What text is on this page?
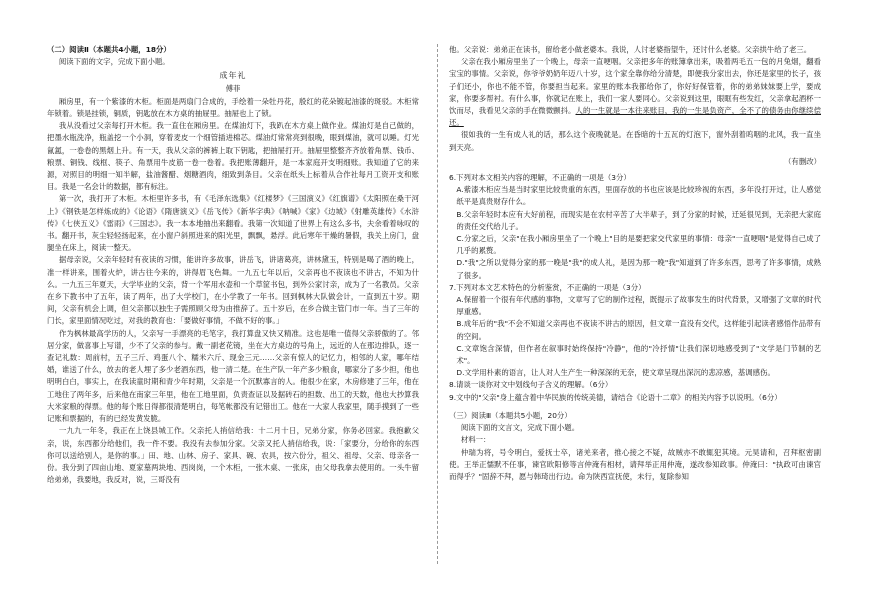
（二）阅读Ⅱ（本题共4小题，18分）

阅读下面的文字，完成下面小题。

成年礼

傅菲

厢房里，有一个紫漆的木柜。柜面是两扇门合成的，手绘着一朵牡丹花，殷红的花朵镀起油漆的斑驳。木柜常年锁着。锁是挂锁，铜质，钥匙放在木方桌的抽屉里。抽屉也上了锁。

我从没看过父亲每打开木柜。我一直住在厢房里。在煤油灯下，我趴在木方桌上做作业。煤油灯是自己做的，把墨水瓶洗净，瓶盖挖一个小洞，穿着麦皮一个细管插进棉芯。煤油灯常常亮到很晚，眼到煤油，就可以睡。灯光氤氲，一卷卷的黑烟上升。有一天，我从父亲的裤裤上取下钥匙，把抽屉打开。抽屉里整整齐齐放着角票、钱币、粮票、铜钱、线框、筷子、角票用牛皮筋一卷一卷着。我把账薄翻开，是一本家庭开支明细账。我知道了它的来源，对照目的明细一知半解，盐油酱醋、烟糖酒肉，细致到条目。父亲在纸头上标着从合作社每月工资开支和账目。我是一名会计的数据，都有标注。

第一次，我打开了木柜。木柜里许多书，有《毛泽东选集》《红楼梦》《三国演义》《红旗谱》《太阳照在桑干河上》《钢铁是怎样炼成的》《论语》《隋唐演义》《岳飞传》《新华字典》《呐喊》《家》《边城》《射雕英雄传》《水浒传》《七侠五义》《雷雨》《三国志》。我一本本地抽出来翻看。我第一次知道了世界上有这么多书，夫余看着咏叹的书。翻开书，灰尘轻轻扬起来，在小窗户斜照进来的阳光里，飘飘，悬浮。此后寒年干燥的暑假，我关上房门，盘腿坐在床上，阅读一整天。

据母亲说，父亲年轻时有夜读的习惯，能讲许多故事，讲岳飞，讲诸葛亮，讲林黛玉，特别是喝了酒的晚上，准一样讲来，围着火炉，讲古往今来的，讲得眉飞色舞。一九五七年以后，父亲再也不夜读也不讲古，不知为什么。一九五三年夏天，大学毕业的父亲，背一个军用水壶和一个草筐书包，到外公家讨亲，成为了一名教员。父亲在乡下教书中了五年，读了两年，出了大学校门，在小学教了一年书。回到枫林大队做会计，一直到五十岁。期间，父亲有机会上调，但父亲都以独生子需照顾父母为由推辞了。五十岁后，在乡合做主管门市一年。当了三年的门长，家里面情况吃过，对我的教育也：「要做好事情，不做不好的事。」

作为枫林最高学历的人，父亲写一手漂亮的毛笔字，我打算盘又快又精准。这也是唯一值得父亲骄傲的了。邻居分家，做喜事上写谱，少不了父亲的参与。戴一副老花镜，坐在大方桌边的号角上，远近的人在那边排队，逐一查记礼数：周前村，五子三斤、鸡蛋八个、糯米六斤、现金三元……父亲有惊人的记忆力，相邻的人家，哪年结婚，谁送了什么，放去的老人埋了多少老酒东西，他一清二楚。在生产队一年产多少粮食，哪家分了多少担，他也明明白白，事实上，在我读童时期和青少年时期，父亲是一个沉默寡言的人。他很少在家，木房修建了三年，他在工地住了两年多，后来他在南家三年里，他在工地里面，负责查证以及据砖石的担数、出工的天数，他也大抄算我大米家粮的得票。他的每个账日得都很清楚明白，每笔帐都没有记错出工。他在一大家人我家里，随手摸到了一些记账和票据的，有的已经发黄发脆。

一九九一年冬，我正在上饶县城工作。父亲托人捎信给我：十二月十日，兄弟分家，你务必回家。我抱歉父亲，说，东西都分给他们，我一件不要。我没有去参加分家。父亲又托人捎信给我，说：「家要分，分给你的东西你可以送给别人，是你的事。」田、地、山林、房子、家具、碗、农具，按六份分，祖父、祖母、父亲、母亲各一份。我分到了四亩山地、夏家墓两块地、西岗岗，一个木柜，一张木桌、一张床，由父母我拿去使用的。一头牛留给弟弟，我要地，我反对，说，三哥没有

他。父亲说：弟弟正在读书，留给老小做老婆本。我说，人讨老婆指望牛，还讨什么老婆。父亲拱牛给了老三。

父亲在我小厢房里坐了一个晚上，母亲一直哽咽。父亲把多年的账簿拿出来，吸着两毛五一包的月兔烟，翻看宝宝的事情。父亲说，你爷爷奶奶年迈八十岁，这个家全靠你给分清楚，即便我分家出去，你还是家里的长子，孩子们还小，你也不能不管，你要担当起来。家里的账本我都给你了，你好好保管着，你的弟弟妹妹要上学，要成家，你要多帮衬。有什么事，你就记在账上，我们一家人要同心。父亲说到这里，眼眶有些发红，父亲拿起酒杯一饮而尽，我看见父亲的手在微微颤抖。人的一生就是一本往来账目，我的一生是负资产，全不了的债务由你继续偿还。

很如我的一生有成人礼的话，那么这个夜晚就是。在昏暗的十五瓦的灯泡下，窗外刮着呜咽的北风，我一直坐到天亮。

（有删改）

6.下列对本文相关内容的理解，不正确的一项是（3分）

A.紫漆木柜应当是当时家里比较贵重的东西，里面存放的书也应该是比较珍视的东西，多年没打开过，让人感觉纸平是真贵财存什么。

B.父亲年轻时本应有大好前程，而现实是在农村辛苦了大半辈子，到了分家的时候，迁延很见到，无亲把大家庭的责任交代给儿子。

C.分家之后，父亲"在我小厢房里坐了一个晚上"目的是要把家交代家里的事情：母亲"一直哽咽"是觉得自己成了几乎的累赘。

D."我"之所以觉得分家的那一晚是"我"的成人礼，是因为那一晚"我"知道到了许多东西，思考了许多事情，成熟了很多。

7.下列对本文艺术特色的分析鉴赏，不正确的一项是（3分）

A.保留着一个很有年代感的事物，文章写了它的制作过程，既提示了故事发生的时代背景，又增强了文章的时代厚重感。

B.成年后的"我"不会不知道父亲再也不夜读不讲古的原因，但文章一直没有交代，这样能引起读者感悟作品带有的空间。

C.文章饱含深情，但作者在叙事时始终保持"冷静"，他的"冷抒情"让我们深切地感受到了"文学是门节制的艺术"。

D.文学用朴素的语言，让人对人生产生一种深深的无奈，使文章呈现出深沉的悲凉感，基调感伤。

8.请谈一谈你对文中划线句子含义的理解。（6分）

9.文中的"父亲"身上蕴含着中华民族的传统美德，请结合《论语十二章》的相关内容予以说明。（6分）

（三）阅读Ⅲ（本题共5小题，20分）

阅读下面的文言文，完成下面小题。

材料一：

仲瑞为将，号令明白，爱抚士卒，诸羌来者，推心接之不疑，故贼亦不敢辄犯其境。元昊请和，召拜枢密副使。王举正懦默不任事，谏官欧阳修等言仲淹有相材，请拜举正用仲淹，遂改参知政事。仲淹曰："执政可由谏官而得乎？"固辞不拜，愿与韩琦出行边。命为陕西宣抚使，未行，复除参知
